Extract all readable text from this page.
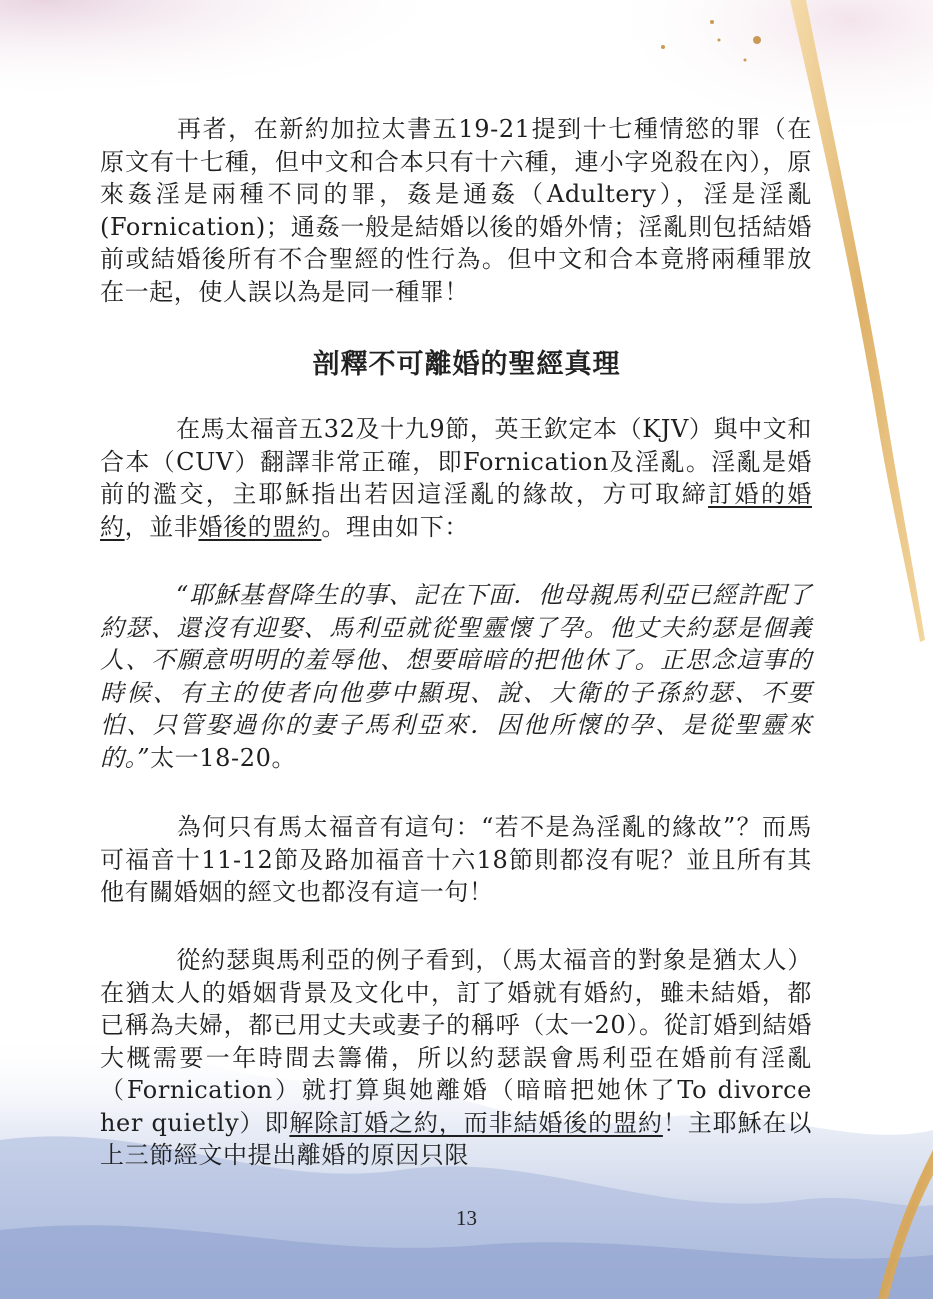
再者，在新約加拉太書五19-21提到十七種情慾的罪（在原文有十七種，但中文和合本只有十六種，連小字兇殺在內），原來姦淫是兩種不同的罪，姦是通姦（Adultery），淫是淫亂(Fornication)；通姦一般是結婚以後的婚外情；淫亂則包括結婚前或結婚後所有不合聖經的性行為。但中文和合本竟將兩種罪放在一起，使人誤以為是同一種罪！

剖釋不可離婚的聖經真理

在馬太福音五32及十九9節，英王欽定本（KJV）與中文和合本（CUV）翻譯非常正確，即Fornication及淫亂。淫亂是婚前的濫交，主耶穌指出若因這淫亂的緣故，方可取締訂婚的婚約，並非婚後的盟約。理由如下：

“耶穌基督降生的事、記在下面．他母親馬利亞已經許配了約瑟、還沒有迎娶、馬利亞就從聖靈懷了孕。他丈夫約瑟是個義人、不願意明明的羞辱他、想要暗暗的把他休了。正思念這事的時候、有主的使者向他夢中顯現、說、大衛的子孫約瑟、不要怕、只管娶過你的妻子馬利亞來．因他所懷的孕、是從聖靈來的。”太一18-20。

為何只有馬太福音有這句：“若不是為淫亂的緣故”？而馬可福音十11-12節及路加福音十六18節則都沒有呢？並且所有其他有關婚姻的經文也都沒有這一句！

從約瑟與馬利亞的例子看到，（馬太福音的對象是猶太人）在猶太人的婚姻背景及文化中，訂了婚就有婚約，雖未結婚，都已稱為夫婦，都已用丈夫或妻子的稱呼（太一20）。從訂婚到結婚大概需要一年時間去籌備，所以約瑟誤會馬利亞在婚前有淫亂（Fornication）就打算與她離婚（暗暗把她休了To divorce her quietly）即解除訂婚之約，而非結婚後的盟約！主耶穌在以上三節經文中提出離婚的原因只限

13
